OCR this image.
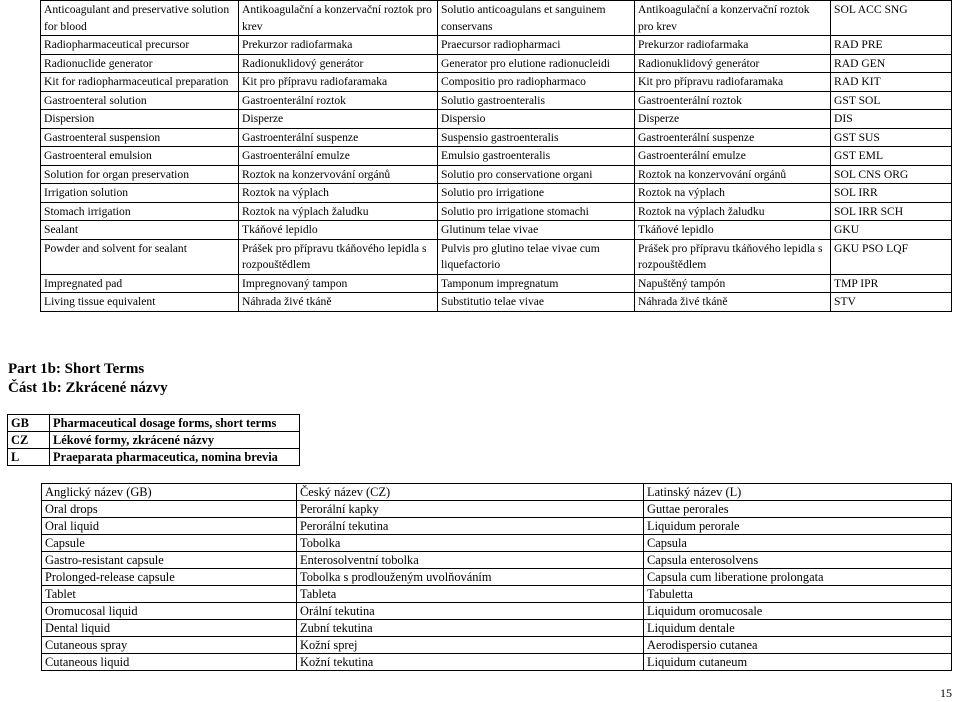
Anticoagulant and preservative solution for blood	Antikoagulační a konzervační roztok pro krev	Solutio anticoagulans et sanguinem conservans	Antikoagulační a konzervační roztok pro krev	SOL ACC SNG
Radiopharmaceutical precursor	Prekurzor radiofarmaka	Praecursor radiopharmaci	Prekurzor radiofarmaka	RAD PRE
Radionuclide generator	Radionuklidový generátor	Generator pro elutione radionucleidi	Radionuklidový generátor	RAD GEN
Kit for radiopharmaceutical preparation	Kit pro přípravu radiofaramaka	Compositio pro radiopharmaco	Kit pro přípravu radiofaramaka	RAD KIT
Gastroenteral solution	Gastroenterální roztok	Solutio gastroenteralis	Gastroenterální roztok	GST SOL
Dispersion	Disperze	Dispersio	Disperze	DIS
Gastroenteral suspension	Gastroenterální suspenze	Suspensio gastroenteralis	Gastroenterální suspenze	GST SUS
Gastroenteral emulsion	Gastroenterální emulze	Emulsio gastroenteralis	Gastroenterální emulze	GST EML
Solution for organ preservation	Roztok na konzervování orgánů	Solutio pro conservatione organi	Roztok na konzervování orgánů	SOL CNS ORG
Irrigation solution	Roztok na výplach	Solutio pro irrigatione	Roztok na výplach	SOL IRR
Stomach irrigation	Roztok na výplach žaludku	Solutio pro irrigatione stomachi	Roztok na výplach žaludku	SOL IRR SCH
Sealant	Tkáňové lepidlo	Glutinum telae vivae	Tkáňové lepidlo	GKU
Powder and solvent for sealant	Prášek pro přípravu tkáňového lepidla s rozpouštědlem	Pulvis pro glutino telae vivae cum liquefactorio	Prášek pro přípravu tkáňového lepidla s rozpouštědlem	GKU PSO LQF
Impregnated pad	Impregnovaný tampon	Tamponum impregnatum	Napuštěný tampón	TMP IPR
Living tissue equivalent	Náhrada živé tkáně	Substitutio telae vivae	Náhrada živé tkáně	STV
Part 1b: Short Terms
Část 1b: Zkrácené názvy
GB	Pharmaceutical dosage forms, short terms
CZ	Lékové formy, zkrácené názvy
L	Praeparata pharmaceutica, nomina brevia
Anglický název (GB)	Český název (CZ)	Latinský název (L)
Oral drops	Perorální kapky	Guttae perorales
Oral liquid	Perorální tekutina	Liquidum perorale
Capsule	Tobolka	Capsula
Gastro-resistant capsule	Enterosolventní tobolka	Capsula enterosolvens
Prolonged-release capsule	Tobolka s prodlouženým uvolňováním	Capsula cum liberatione prolongata
Tablet	Tableta	Tabuletta
Oromucosal liquid	Orální tekutina	Liquidum oromucosale
Dental liquid	Zubní tekutina	Liquidum dentale
Cutaneous spray	Kožní sprej	Aerodispersio cutanea
Cutaneous liquid	Kožní tekutina	Liquidum cutaneum
15
